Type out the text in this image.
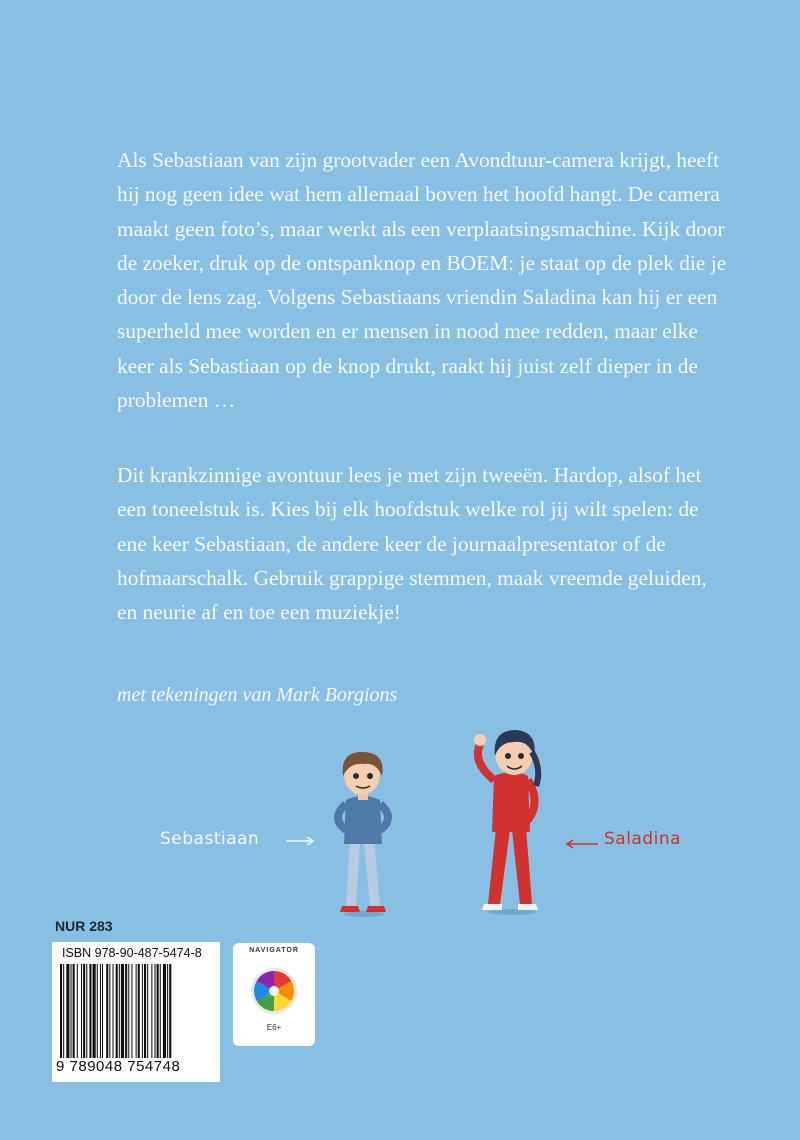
Als Sebastiaan van zijn grootvader een Avondtuur-camera krijgt, heeft hij nog geen idee wat hem allemaal boven het hoofd hangt. De camera maakt geen foto’s, maar werkt als een verplaatsingsmachine. Kijk door de zoeker, druk op de ontspanknop en BOEM: je staat op de plek die je door de lens zag. Volgens Sebastiaans vriendin Saladina kan hij er een superheld mee worden en er mensen in nood mee redden, maar elke keer als Sebastiaan op de knop drukt, raakt hij juist zelf dieper in de problemen …

Dit krankzinnige avontuur lees je met zijn tweeën. Hardop, alsof het een toneelstuk is. Kies bij elk hoofdstuk welke rol jij wilt spelen: de ene keer Sebastiaan, de andere keer de journaalpresentator of de hofmaarschalk. Gebruik grappige stemmen, maak vreemde geluiden, en neurie af en toe een muziekje!

met tekeningen van Mark Borgions

Sebastiaan	Saladina
NUR 283
ISBN 978-90-487-5474-8
9 789048 754748
NAVIGATOR
E6+
